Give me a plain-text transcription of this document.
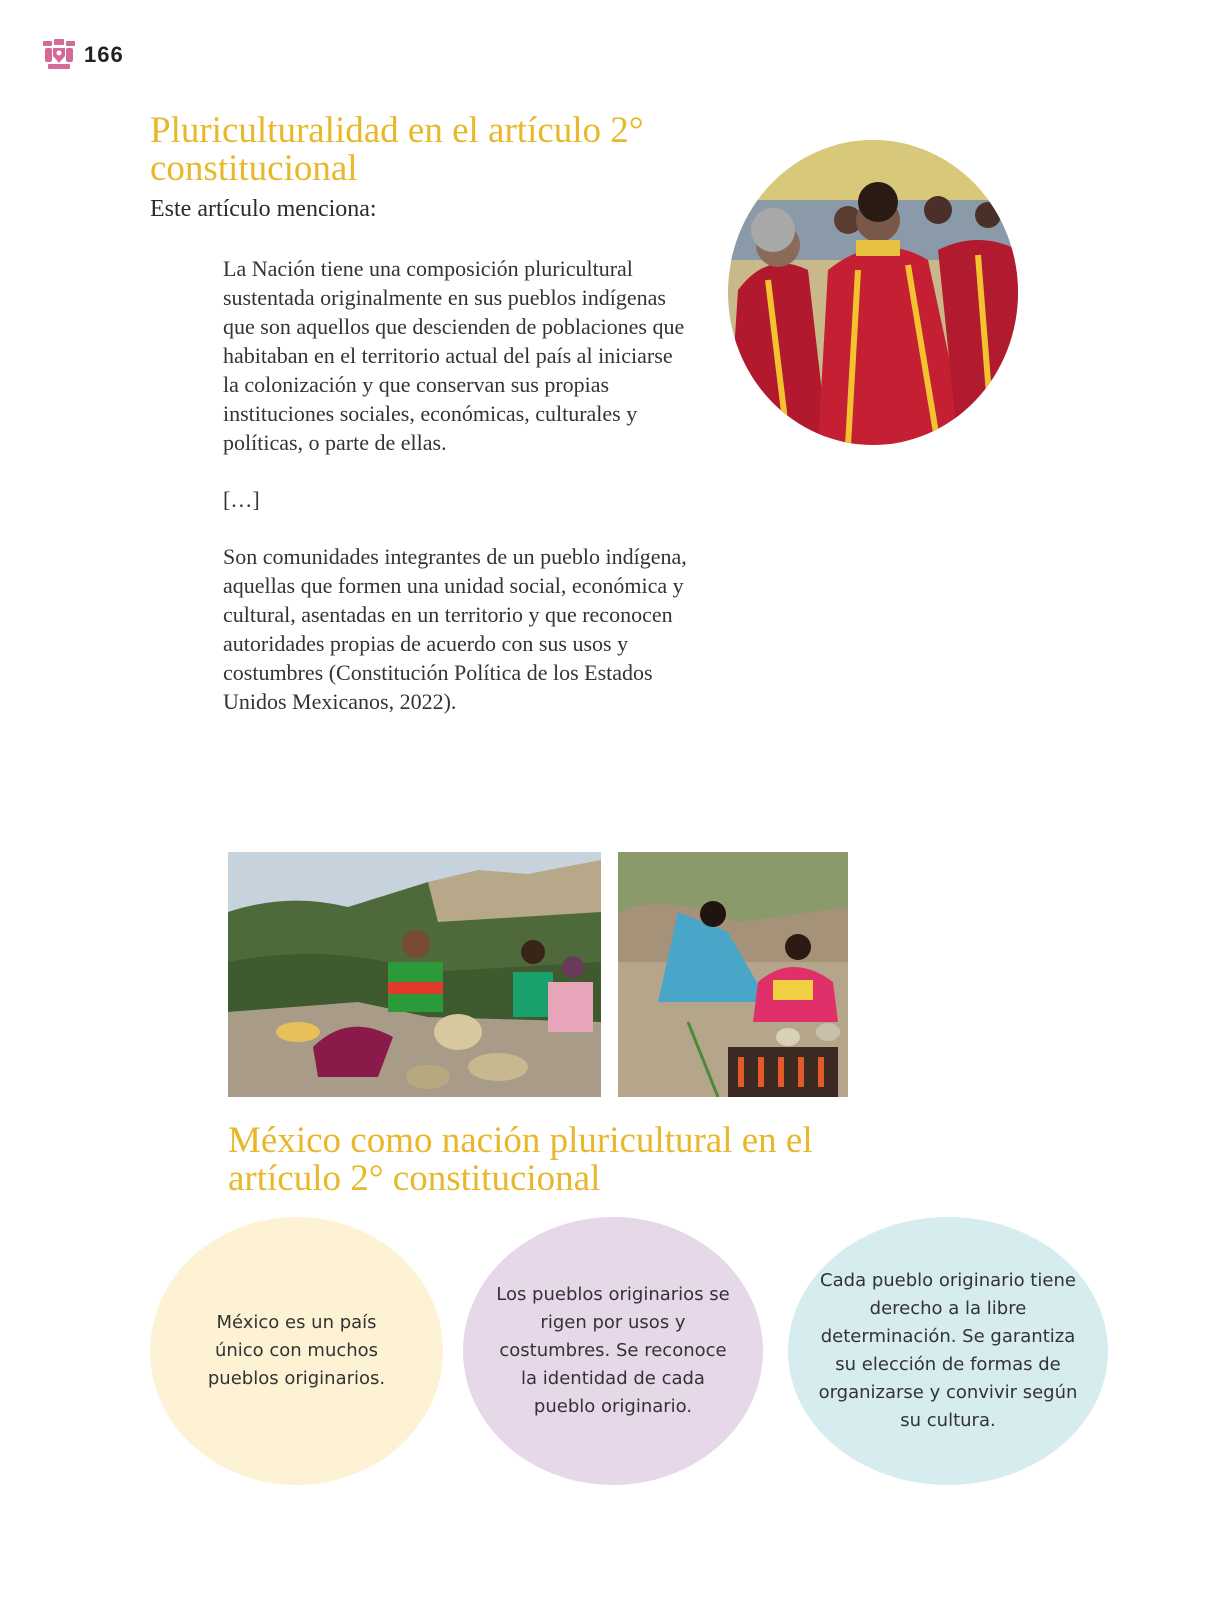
166
Pluriculturalidad en el artículo 2° constitucional

Este artículo menciona:

La Nación tiene una composición pluricultural sustentada originalmente en sus pueblos indígenas que son aquellos que descienden de poblaciones que habitaban en el territorio actual del país al iniciarse la colonización y que conservan sus propias instituciones sociales, económicas, culturales y políticas, o parte de ellas.

[…]

Son comunidades integrantes de un pueblo indígena, aquellas que formen una unidad social, económica y cultural, asentadas en un territorio y que reconocen autoridades propias de acuerdo con sus usos y costumbres (Constitución Política de los Estados Unidos Mexicanos, 2022).

México como nación pluricultural en el artículo 2° constitucional
México es un país único con muchos pueblos originarios.
Los pueblos originarios se rigen por usos y costumbres. Se reconoce la identidad de cada pueblo originario.
Cada pueblo originario tiene derecho a la libre determinación. Se garantiza su elección de formas de organizarse y convivir según su cultura.
